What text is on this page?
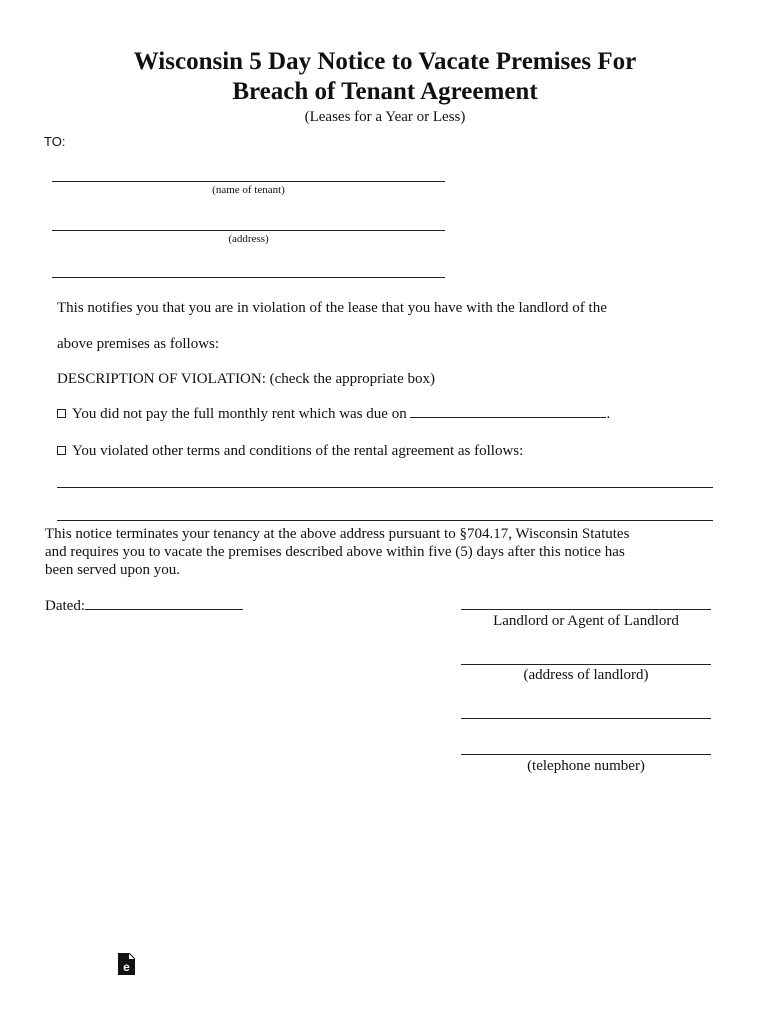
Wisconsin 5 Day Notice to Vacate Premises For
Breach of Tenant Agreement
(Leases for a Year or Less)
TO:
(name of tenant)
(address)
This notifies you that you are in violation of the lease that you have with the landlord of the
above premises as follows:
DESCRIPTION OF VIOLATION: (check the appropriate box)
You did not pay the full monthly rent which was due on	.
You violated other terms and conditions of the rental agreement as follows:
This notice terminates your tenancy at the above address pursuant to §704.17, Wisconsin Statutes
and requires you to vacate the premises described above within five (5) days after this notice has
been served upon you.
Dated:
Landlord or Agent of Landlord
(address of landlord)
(telephone number)
e
